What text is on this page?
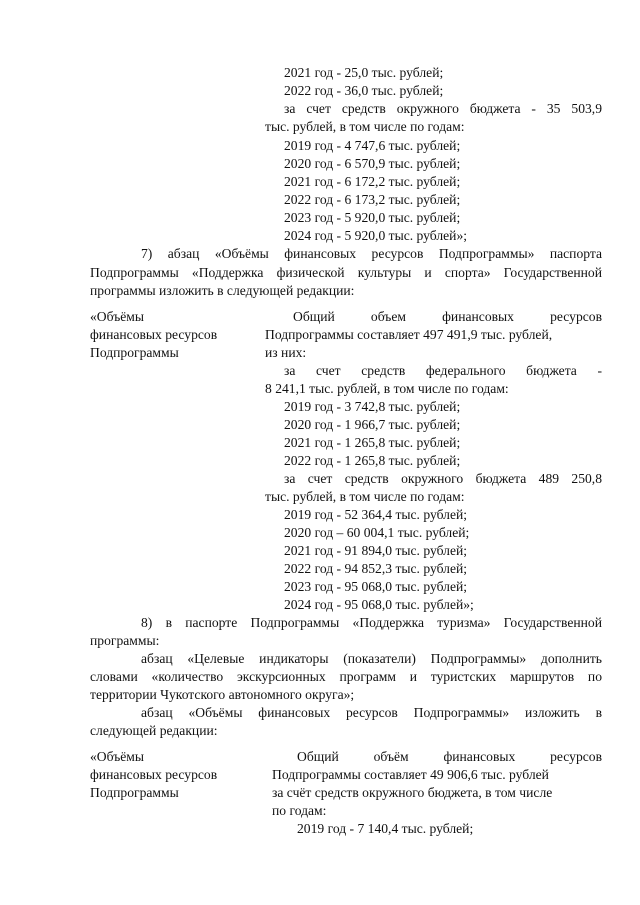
2021 год - 25,0 тыс. рублей;
2022 год - 36,0 тыс. рублей;
за счет средств окружного бюджета - 35 503,9
тыс. рублей, в том числе по годам:
2019 год - 4 747,6 тыс. рублей;
2020 год - 6 570,9 тыс. рублей;
2021 год - 6 172,2 тыс. рублей;
2022 год - 6 173,2 тыс. рублей;
2023 год - 5 920,0 тыс. рублей;
2024 год - 5 920,0 тыс. рублей»;
7) абзац «Объёмы финансовых ресурсов Подпрограммы» паспорта
Подпрограммы «Поддержка физической культуры и спорта» Государственной
программы изложить в следующей редакции:
«Объёмы
финансовых ресурсов
Подпрограммы
Общий объем финансовых ресурсов
Подпрограммы составляет 497 491,9 тыс. рублей,
из них:
за счет средств федерального бюджета -
8 241,1 тыс. рублей, в том числе по годам:
2019 год - 3 742,8 тыс. рублей;
2020 год - 1 966,7 тыс. рублей;
2021 год - 1 265,8 тыс. рублей;
2022 год - 1 265,8 тыс. рублей;
за счет средств окружного бюджета 489 250,8
тыс. рублей, в том числе по годам:
2019 год - 52 364,4 тыс. рублей;
2020 год – 60 004,1 тыс. рублей;
2021 год - 91 894,0 тыс. рублей;
2022 год - 94 852,3 тыс. рублей;
2023 год - 95 068,0 тыс. рублей;
2024 год - 95 068,0 тыс. рублей»;
8) в паспорте Подпрограммы «Поддержка туризма» Государственной
программы:
абзац «Целевые индикаторы (показатели) Подпрограммы» дополнить
словами «количество экскурсионных программ и туристских маршрутов по
территории Чукотского автономного округа»;
абзац «Объёмы финансовых ресурсов Подпрограммы» изложить в
следующей редакции:
«Объёмы
финансовых ресурсов
Подпрограммы
Общий объём финансовых ресурсов
Подпрограммы составляет 49 906,6 тыс. рублей
за счёт средств окружного бюджета, в том числе
по годам:
2019 год - 7 140,4 тыс. рублей;
